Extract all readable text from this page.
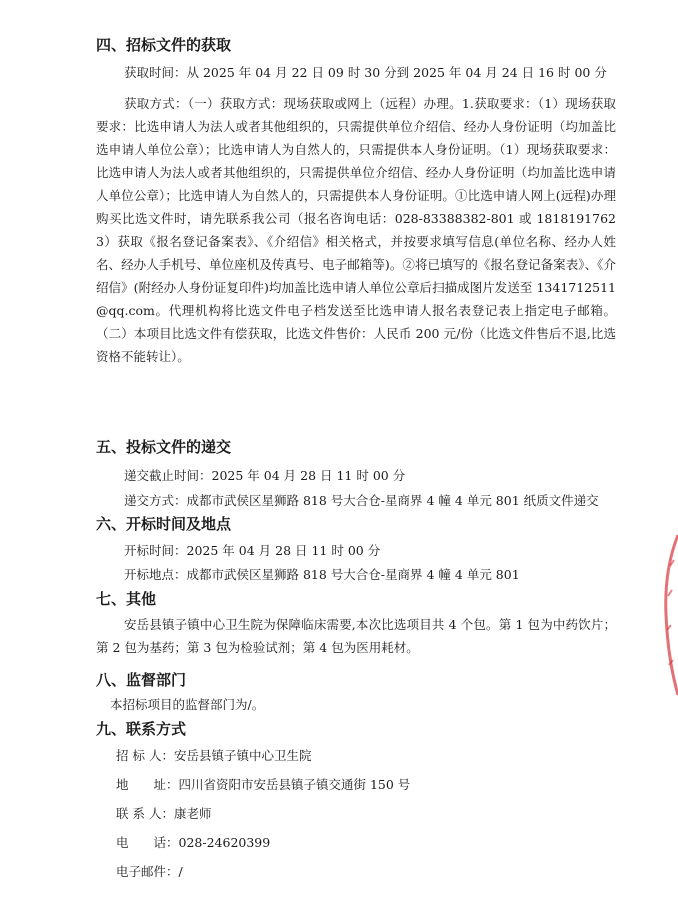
四、招标文件的获取
获取时间：从 2025 年 04 月 22 日 09 时 30 分到 2025 年 04 月 24 日 16 时 00 分
获取方式：（一）获取方式：现场获取或网上（远程）办理。1.获取要求：（1）现场获取要求：比选申请人为法人或者其他组织的，只需提供单位介绍信、经办人身份证明（均加盖比选申请人单位公章）；比选申请人为自然人的，只需提供本人身份证明。（1）现场获取要求：比选申请人为法人或者其他组织的，只需提供单位介绍信、经办人身份证明（均加盖比选申请人单位公章）；比选申请人为自然人的，只需提供本人身份证明。①比选申请人网上(远程)办理购买比选文件时，请先联系我公司（报名咨询电话：028-83388382-801 或 18181917623）获取《报名登记备案表》、《介绍信》相关格式，并按要求填写信息(单位名称、经办人姓名、经办人手机号、单位座机及传真号、电子邮箱等)。②将已填写的《报名登记备案表》、《介绍信》(附经办人身份证复印件)均加盖比选申请人单位公章后扫描成图片发送至 1341712511@qq.com。代理机构将比选文件电子档发送至比选申请人报名表登记表上指定电子邮箱。（二）本项目比选文件有偿获取，比选文件售价：人民币 200 元/份（比选文件售后不退,比选资格不能转让）。
五、投标文件的递交
递交截止时间：2025 年 04 月 28 日 11 时 00 分
递交方式：成都市武侯区星狮路 818 号大合仓-星商界 4 幢 4 单元 801 纸质文件递交
六、开标时间及地点
开标时间：2025 年 04 月 28 日 11 时 00 分
开标地点：成都市武侯区星狮路 818 号大合仓-星商界 4 幢 4 单元 801
七、其他
安岳县镇子镇中心卫生院为保障临床需要,本次比选项目共 4 个包。第 1 包为中药饮片；第 2 包为基药；第 3 包为检验试剂；第 4 包为医用耗材。
八、监督部门
本招标项目的监督部门为/。
九、联系方式
招 标 人：安岳县镇子镇中心卫生院
地　　址：四川省资阳市安岳县镇子镇交通街 150 号
联 系 人：康老师
电　　话：028-24620399
电子邮件：/
